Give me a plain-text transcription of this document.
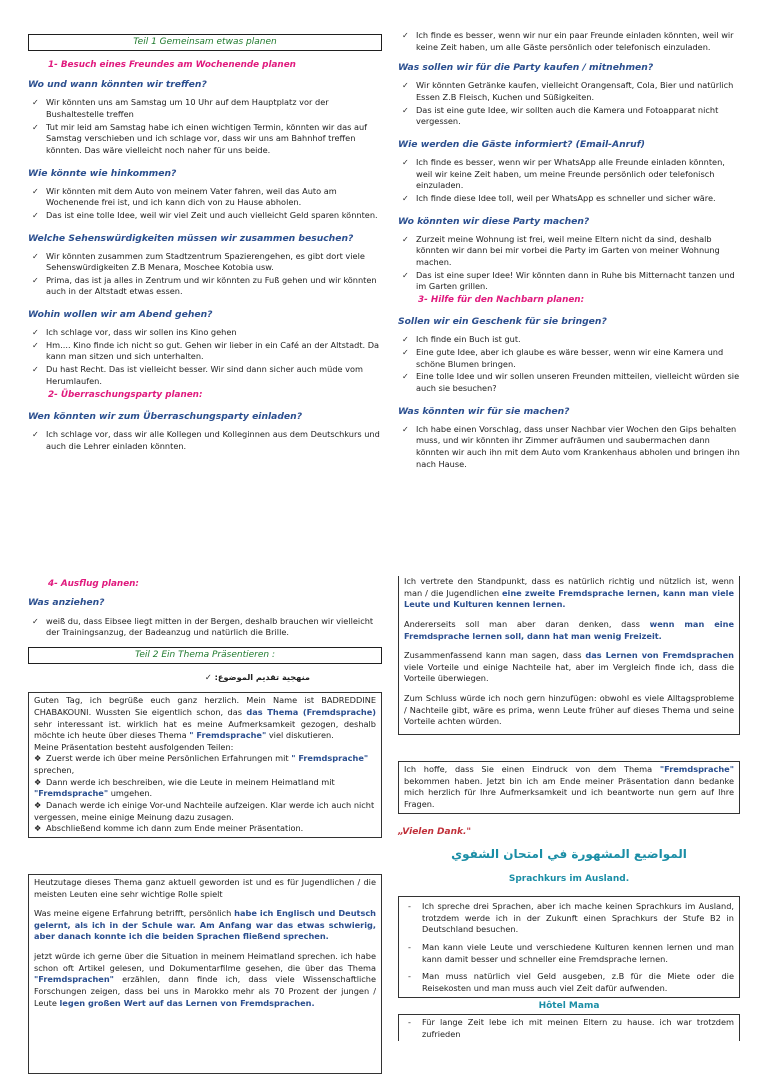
Teil 1 Gemeinsam etwas planen
1- Besuch eines Freundes am Wochenende planen
Wo und wann könnten wir treffen?
✓ Wir könnten uns am Samstag um 10 Uhr auf dem Hauptplatz vor der Bushaltestelle treffen
✓ Tut mir leid am Samstag habe ich einen wichtigen Termin, könnten wir das auf Samstag verschieben und ich schlage vor, dass wir uns am Bahnhof treffen könnten. Das wäre vielleicht noch naher für uns beide.
Wie könnte wie hinkommen?
✓ Wir könnten mit dem Auto von meinem Vater fahren, weil das Auto am Wochenende frei ist, und ich kann dich von zu Hause abholen.
✓ Das ist eine tolle Idee, weil wir viel Zeit und auch vielleicht Geld sparen könnten.
Welche Sehenswürdigkeiten müssen wir zusammen besuchen?
✓ Wir könnten zusammen zum Stadtzentrum Spazierengehen, es gibt dort viele Sehenswürdigkeiten Z.B Menara, Moschee Kotobia usw.
✓ Prima, das ist ja alles in Zentrum und wir könnten zu Fuß gehen und wir könnten auch in der Altstadt etwas essen.
Wohin wollen wir am Abend gehen?
✓ Ich schlage vor, dass wir sollen ins Kino gehen
✓ Hm.... Kino finde ich nicht so gut. Gehen wir lieber in ein Café an der Altstadt. Da kann man sitzen und sich unterhalten.
✓ Du hast Recht. Das ist vielleicht besser. Wir sind dann sicher auch müde vom Herumlaufen.
2- Überraschungsparty planen:
Wen könnten wir zum Überraschungsparty einladen?
✓ Ich schlage vor, dass wir alle Kollegen und Kolleginnen aus dem Deutschkurs und auch die Lehrer einladen könnten.
✓ Ich finde es besser, wenn wir nur ein paar Freunde einladen könnten, weil wir keine Zeit haben, um alle Gäste persönlich oder telefonisch einzuladen.
Was sollen wir für die Party kaufen / mitnehmen?
✓ Wir könnten Getränke kaufen, vielleicht Orangensaft, Cola, Bier und natürlich Essen Z.B Fleisch, Kuchen und Süßigkeiten.
✓ Das ist eine gute Idee, wir sollten auch die Kamera und Fotoapparat nicht vergessen.
Wie werden die Gäste informiert? (Email-Anruf)
✓ Ich finde es besser, wenn wir per WhatsApp alle Freunde einladen könnten, weil wir keine Zeit haben, um meine Freunde persönlich oder telefonisch einzuladen.
✓ Ich finde diese Idee toll, weil per WhatsApp es schneller und sicher wäre.
Wo könnten wir diese Party machen?
✓ Zurzeit meine Wohnung ist frei, weil meine Eltern nicht da sind, deshalb könnten wir dann bei mir vorbei die Party im Garten von meiner Wohnung machen.
✓ Das ist eine super Idee! Wir könnten dann in Ruhe bis Mitternacht tanzen und im Garten grillen.
3- Hilfe für den Nachbarn planen:
Sollen wir ein Geschenk für sie bringen?
✓ Ich finde ein Buch ist gut.
✓ Eine gute Idee, aber ich glaube es wäre besser, wenn wir eine Kamera und schöne Blumen bringen.
✓ Eine tolle Idee und wir sollen unseren Freunden mitteilen, vielleicht würden sie auch sie besuchen?
Was könnten wir für sie machen?
✓ Ich habe einen Vorschlag, dass unser Nachbar vier Wochen den Gips behalten muss, und wir könnten ihr Zimmer aufräumen und saubermachen dann könnten wir auch ihn mit dem Auto vom Krankenhaus abholen und bringen ihn nach Hause.
4- Ausflug planen:
Was anziehen?
✓ weiß du, dass Eibsee liegt mitten in der Bergen, deshalb brauchen wir vielleicht der Trainingsanzug, der Badeanzug und natürlich die Brille.
Teil 2 Ein Thema Präsentieren :
منهجية تقديم الموضوع: ✓
Guten Tag, ich begrüße euch ganz herzlich. Mein Name ist BADREDDINE CHABAKOUNI. Wussten Sie eigentlich schon, das das Thema (Fremdsprache) sehr interessant ist. wirklich hat es meine Aufmerksamkeit gezogen, deshalb möchte ich heute über dieses Thema " Fremdsprache" viel diskutieren.
Meine Präsentation besteht ausfolgenden Teilen:
❖ Zuerst werde ich über meine Persönlichen Erfahrungen mit " Fremdsprache" sprechen,
❖ Dann werde ich beschreiben, wie die Leute in meinem Heimatland mit "Fremdsprache" umgehen.
❖ Danach werde ich einige Vor-und Nachteile aufzeigen. Klar werde ich auch nicht vergessen, meine einige Meinung dazu zusagen.
❖ Abschließend komme ich dann zum Ende meiner Präsentation.
Heutzutage dieses Thema ganz aktuell geworden ist und es für Jugendlichen / die meisten Leuten eine sehr wichtige Rolle spielt
Was meine eigene Erfahrung betrifft, persönlich habe ich Englisch und Deutsch gelernt, als ich in der Schule war. Am Anfang war das etwas schwierig, aber danach konnte ich die beiden Sprachen fließend sprechen.
jetzt würde ich gerne über die Situation in meinem Heimatland sprechen. ich habe schon oft Artikel gelesen, und Dokumentarfilme gesehen, die über das Thema "Fremdsprachen" erzählen, dann finde ich, dass viele Wissenschaftliche Forschungen zeigen, dass bei uns in Marokko mehr als 70 Prozent der jungen / Leute legen großen Wert auf das Lernen von Fremdsprachen.
Ich vertrete den Standpunkt, dass es natürlich richtig und nützlich ist, wenn man / die Jugendlichen eine zweite Fremdsprache lernen, kann man viele Leute und Kulturen kennen lernen.
Andererseits soll man aber daran denken, dass wenn man eine Fremdsprache lernen soll, dann hat man wenig Freizeit.
Zusammenfassend kann man sagen, dass das Lernen von Fremdsprachen viele Vorteile und einige Nachteile hat, aber im Vergleich finde ich, dass die Vorteile überwiegen.
Zum Schluss würde ich noch gern hinzufügen: obwohl es viele Alltagsprobleme / Nachteile gibt, wäre es prima, wenn Leute früher auf dieses Thema und seine Vorteile achten würden.
Ich hoffe, dass Sie einen Eindruck von dem Thema "Fremdsprache" bekommen haben. Jetzt bin ich am Ende meiner Präsentation dann bedanke mich herzlich für Ihre Aufmerksamkeit und ich beantworte nun gern auf Ihre Fragen.
„Vielen Dank."
المواضيع المشهورة في امتحان الشفوي
Sprachkurs im Ausland.
- Ich spreche drei Sprachen, aber ich mache keinen Sprachkurs im Ausland, trotzdem werde ich in der Zukunft einen Sprachkurs der Stufe B2 in Deutschland besuchen.
- Man kann viele Leute und verschiedene Kulturen kennen lernen und man kann damit besser und schneller eine Fremdsprache lernen.
- Man muss natürlich viel Geld ausgeben, z.B für die Miete oder die Reisekosten und man muss auch viel Zeit dafür aufwenden.
Hôtel Mama
- Für lange Zeit lebe ich mit meinen Eltern zu hause. ich war trotzdem zufrieden
